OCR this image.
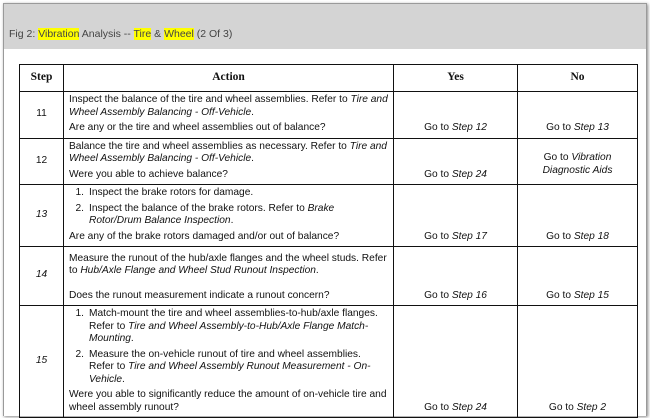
Fig 2: Vibration Analysis -- Tire & Wheel (2 Of 3)
Step	Action	Yes	No
11	Inspect the balance of the tire and wheel assemblies. Refer to Tire and Wheel Assembly Balancing - Off-Vehicle.
Are any or the tire and wheel assemblies out of balance?	Go to Step 12	Go to Step 13
12	Balance the tire and wheel assemblies as necessary. Refer to Tire and Wheel Assembly Balancing - Off-Vehicle.
Were you able to achieve balance?	Go to Step 24	Go to Vibration Diagnostic Aids
13	1. Inspect the brake rotors for damage.
2. Inspect the balance of the brake rotors. Refer to Brake Rotor/Drum Balance Inspection.
Are any of the brake rotors damaged and/or out of balance?	Go to Step 17	Go to Step 18
14	Measure the runout of the hub/axle flanges and the wheel studs. Refer to Hub/Axle Flange and Wheel Stud Runout Inspection.
Does the runout measurement indicate a runout concern?	Go to Step 16	Go to Step 15
15	1. Match-mount the tire and wheel assemblies-to-hub/axle flanges. Refer to Tire and Wheel Assembly-to-Hub/Axle Flange Match-Mounting.
2. Measure the on-vehicle runout of tire and wheel assemblies. Refer to Tire and Wheel Assembly Runout Measurement - On-Vehicle.
Were you able to significantly reduce the amount of on-vehicle tire and wheel assembly runout?	Go to Step 24	Go to Step 2
